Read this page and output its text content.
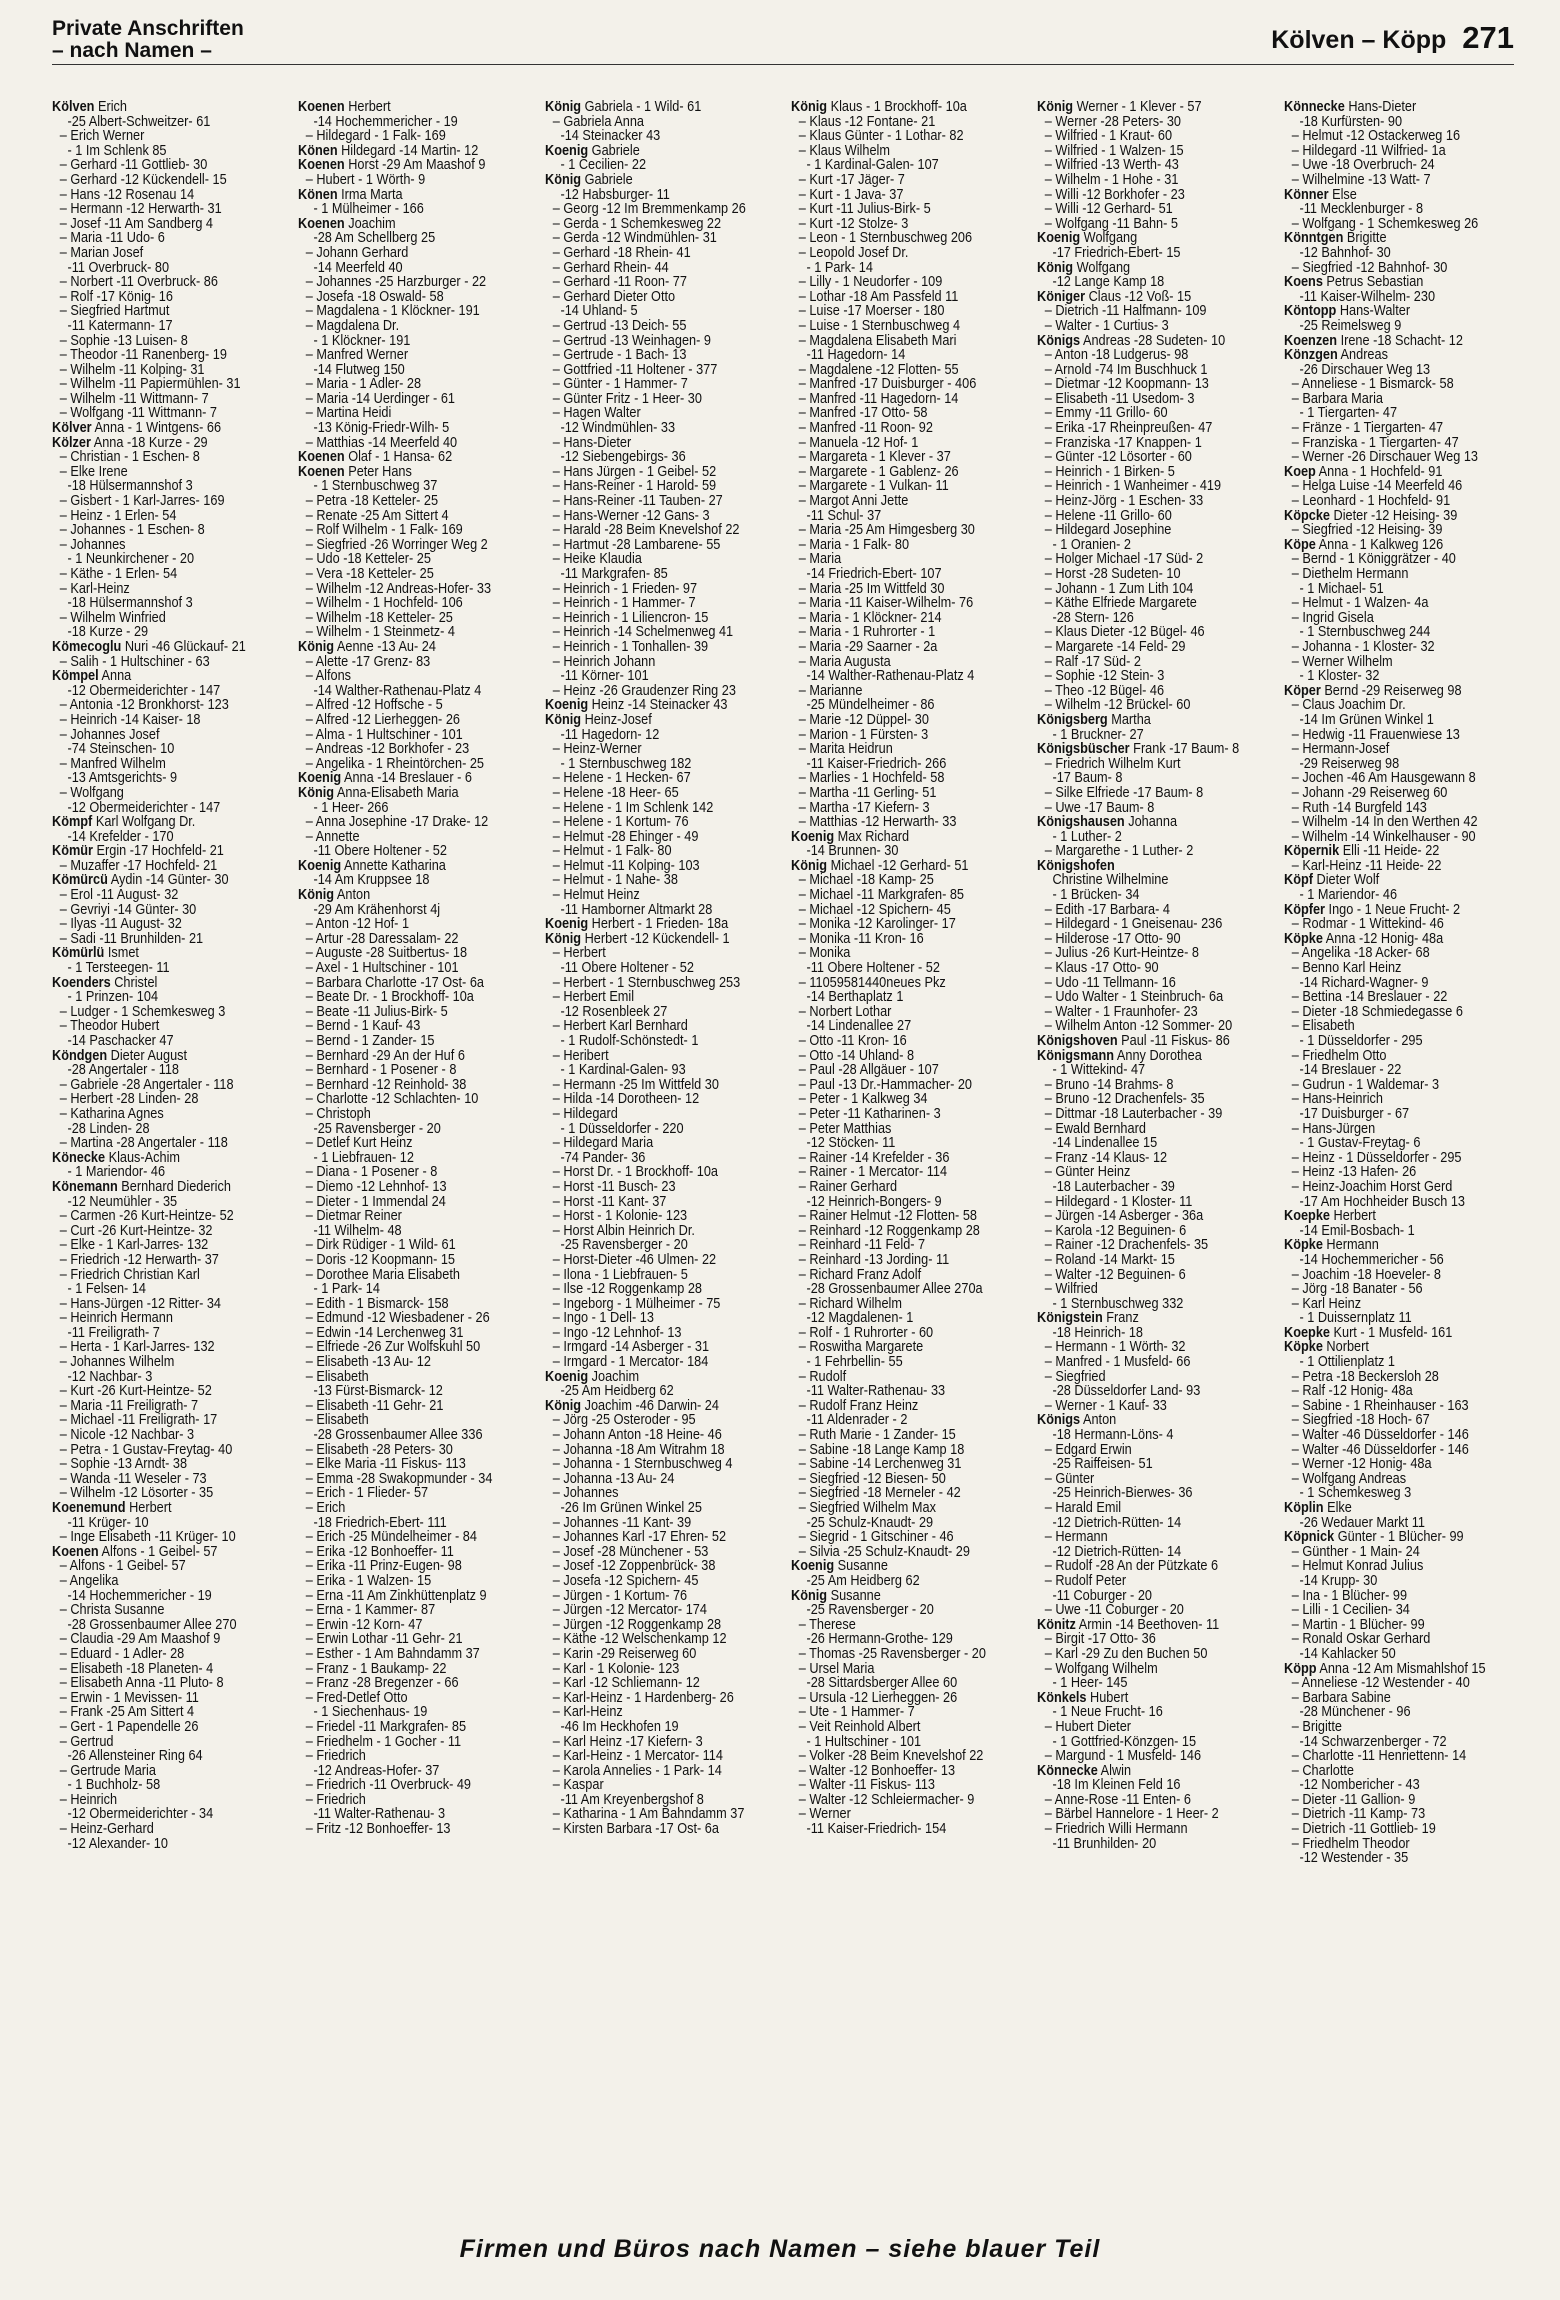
Private Anschriften
– nach Namen –	Kölven – Köpp 271
Kölven Erich
-25 Albert-Schweitzer- 61
– Erich Werner
- 1 Im Schlenk 85
– Gerhard -11 Gottlieb- 30
– Gerhard -12 Kückendell- 15
– Hans -12 Rosenau 14
– Hermann -12 Herwarth- 31
– Josef -11 Am Sandberg 4
– Maria -11 Udo- 6
– Marian Josef
-11 Overbruck- 80
– Norbert -11 Overbruck- 86
– Rolf -17 König- 16
– Siegfried Hartmut
-11 Katermann- 17
– Sophie -13 Luisen- 8
– Theodor -11 Ranenberg- 19
– Wilhelm -11 Kolping- 31
– Wilhelm -11 Papiermühlen- 31
– Wilhelm -11 Wittmann- 7
– Wolfgang -11 Wittmann- 7
Kölver Anna - 1 Wintgens- 66
Kölzer Anna -18 Kurze - 29
– Christian - 1 Eschen- 8
– Elke Irene
-18 Hülsermannshof 3
– Gisbert - 1 Karl-Jarres- 169
– Heinz - 1 Erlen- 54
– Johannes - 1 Eschen- 8
– Johannes
- 1 Neunkirchener - 20
– Käthe - 1 Erlen- 54
– Karl-Heinz
-18 Hülsermannshof 3
– Wilhelm Winfried
-18 Kurze - 29
Kömecoglu Nuri -46 Glückauf- 21
– Salih - 1 Hultschiner - 63
Kömpel Anna
-12 Obermeiderichter - 147
– Antonia -12 Bronkhorst- 123
– Heinrich -14 Kaiser- 18
– Johannes Josef
-74 Steinschen- 10
– Manfred Wilhelm
-13 Amtsgerichts- 9
– Wolfgang
-12 Obermeiderichter - 147
Kömpf Karl Wolfgang Dr.
-14 Krefelder - 170
Kömür Ergin -17 Hochfeld- 21
– Muzaffer -17 Hochfeld- 21
Kömürcü Aydin -14 Günter- 30
– Erol -11 August- 32
– Gevriyi -14 Günter- 30
– Ilyas -11 August- 32
– Sadi -11 Brunhilden- 21
Kömürlü Ismet
- 1 Tersteegen- 11
Koenders Christel
- 1 Prinzen- 104
– Ludger - 1 Schemkesweg 3
– Theodor Hubert
-14 Paschacker 47
Köndgen Dieter August
-28 Angertaler - 118
– Gabriele -28 Angertaler - 118
– Herbert -28 Linden- 28
– Katharina Agnes
-28 Linden- 28
– Martina -28 Angertaler - 118
Könecke Klaus-Achim
- 1 Mariendor- 46
Könemann Bernhard Diederich
-12 Neumühler - 35
– Carmen -26 Kurt-Heintze- 52
– Curt -26 Kurt-Heintze- 32
– Elke - 1 Karl-Jarres- 132
– Friedrich -12 Herwarth- 37
– Friedrich Christian Karl
- 1 Felsen- 14
– Hans-Jürgen -12 Ritter- 34
– Heinrich Hermann
-11 Freiligrath- 7
– Herta - 1 Karl-Jarres- 132
– Johannes Wilhelm
-12 Nachbar- 3
– Kurt -26 Kurt-Heintze- 52
– Maria -11 Freiligrath- 7
– Michael -11 Freiligrath- 17
– Nicole -12 Nachbar- 3
– Petra - 1 Gustav-Freytag- 40
– Sophie -13 Arndt- 38
– Wanda -11 Weseler - 73
– Wilhelm -12 Lösorter - 35
Koenemund Herbert
-11 Krüger- 10
– Inge Elisabeth -11 Krüger- 10
Koenen Alfons - 1 Geibel- 57
– Alfons - 1 Geibel- 57
– Angelika
-14 Hochemmericher - 19
– Christa Susanne
-28 Grossenbaumer Allee 270
– Claudia -29 Am Maashof 9
– Eduard - 1 Adler- 28
– Elisabeth -18 Planeten- 4
– Elisabeth Anna -11 Pluto- 8
– Erwin - 1 Mevissen- 11
– Frank -25 Am Sittert 4
– Gert - 1 Papendelle 26
– Gertrud
-26 Allensteiner Ring 64
– Gertrude Maria
- 1 Buchholz- 58
– Heinrich
-12 Obermeiderichter - 34
– Heinz-Gerhard
-12 Alexander- 10
Koenen Herbert
-14 Hochemmericher - 19
– Hildegard - 1 Falk- 169
Könen Hildegard -14 Martin- 12
Koenen Horst -29 Am Maashof 9
– Hubert - 1 Wörth- 9
Könen Irma Marta
- 1 Mülheimer - 166
Koenen Joachim
-28 Am Schellberg 25
– Johann Gerhard
-14 Meerfeld 40
– Johannes -25 Harzburger - 22
– Josefa -18 Oswald- 58
– Magdalena - 1 Klöckner- 191
– Magdalena Dr.
- 1 Klöckner- 191
– Manfred Werner
-14 Flutweg 150
– Maria - 1 Adler- 28
– Maria -14 Uerdinger - 61
– Martina Heidi
-13 König-Friedr-Wilh- 5
– Matthias -14 Meerfeld 40
Koenen Olaf - 1 Hansa- 62
Koenen Peter Hans
- 1 Sternbuschweg 37
– Petra -18 Ketteler- 25
– Renate -25 Am Sittert 4
– Rolf Wilhelm - 1 Falk- 169
– Siegfried -26 Worringer Weg 2
– Udo -18 Ketteler- 25
– Vera -18 Ketteler- 25
– Wilhelm -12 Andreas-Hofer- 33
– Wilhelm - 1 Hochfeld- 106
– Wilhelm -18 Ketteler- 25
– Wilhelm - 1 Steinmetz- 4
König Aenne -13 Au- 24
– Alette -17 Grenz- 83
– Alfons
-14 Walther-Rathenau-Platz 4
– Alfred -12 Hoffsche - 5
– Alfred -12 Lierheggen- 26
– Alma - 1 Hultschiner - 101
– Andreas -12 Borkhofer - 23
– Angelika - 1 Rheintörchen- 25
Koenig Anna -14 Breslauer - 6
König Anna-Elisabeth Maria
- 1 Heer- 266
– Anna Josephine -17 Drake- 12
– Annette
-11 Obere Holtener - 52
Koenig Annette Katharina
-14 Am Kruppsee 18
König Anton
-29 Am Krähenhorst 4j
– Anton -12 Hof- 1
– Artur -28 Daressalam- 22
– Auguste -28 Suitbertus- 18
– Axel - 1 Hultschiner - 101
– Barbara Charlotte -17 Ost- 6a
– Beate Dr. - 1 Brockhoff- 10a
– Beate -11 Julius-Birk- 5
– Bernd - 1 Kauf- 43
– Bernd - 1 Zander- 15
– Bernhard -29 An der Huf 6
– Bernhard - 1 Posener - 8
– Bernhard -12 Reinhold- 38
– Charlotte -12 Schlachten- 10
– Christoph
-25 Ravensberger - 20
– Detlef Kurt Heinz
- 1 Liebfrauen- 12
– Diana - 1 Posener - 8
– Diemo -12 Lehnhof- 13
– Dieter - 1 Immendal 24
– Dietmar Reiner
-11 Wilhelm- 48
– Dirk Rüdiger - 1 Wild- 61
– Doris -12 Koopmann- 15
– Dorothee Maria Elisabeth
- 1 Park- 14
– Edith - 1 Bismarck- 158
– Edmund -12 Wiesbadener - 26
– Edwin -14 Lerchenweg 31
– Elfriede -26 Zur Wolfskuhl 50
– Elisabeth -13 Au- 12
– Elisabeth
-13 Fürst-Bismarck- 12
– Elisabeth -11 Gehr- 21
– Elisabeth
-28 Grossenbaumer Allee 336
– Elisabeth -28 Peters- 30
– Elke Maria -11 Fiskus- 113
– Emma -28 Swakopmunder - 34
– Erich - 1 Flieder- 57
– Erich
-18 Friedrich-Ebert- 111
– Erich -25 Mündelheimer - 84
– Erika -12 Bonhoeffer- 11
– Erika -11 Prinz-Eugen- 98
– Erika - 1 Walzen- 15
– Erna -11 Am Zinkhüttenplatz 9
– Erna - 1 Kammer- 87
– Erwin -12 Korn- 47
– Erwin Lothar -11 Gehr- 21
– Esther - 1 Am Bahndamm 37
– Franz - 1 Baukamp- 22
– Franz -28 Bregenzer - 66
– Fred-Detlef Otto
- 1 Siechenhaus- 19
– Friedel -11 Markgrafen- 85
– Friedhelm - 1 Gocher - 11
– Friedrich
-12 Andreas-Hofer- 37
– Friedrich -11 Overbruck- 49
– Friedrich
-11 Walter-Rathenau- 3
– Fritz -12 Bonhoeffer- 13
König Gabriela - 1 Wild- 61
– Gabriela Anna
-14 Steinacker 43
Koenig Gabriele
- 1 Cecilien- 22
König Gabriele
-12 Habsburger- 11
– Georg -12 Im Bremmenkamp 26
– Gerda - 1 Schemkesweg 22
– Gerda -12 Windmühlen- 31
– Gerhard -18 Rhein- 41
– Gerhard Rhein- 44
– Gerhard -11 Roon- 77
– Gerhard Dieter Otto
-14 Uhland- 5
– Gertrud -13 Deich- 55
– Gertrud -13 Weinhagen- 9
– Gertrude - 1 Bach- 13
– Gottfried -11 Holtener - 377
– Günter - 1 Hammer- 7
– Günter Fritz - 1 Heer- 30
– Hagen Walter
-12 Windmühlen- 33
– Hans-Dieter
-12 Siebengebirgs- 36
– Hans Jürgen - 1 Geibel- 52
– Hans-Reiner - 1 Harold- 59
– Hans-Reiner -11 Tauben- 27
– Hans-Werner -12 Gans- 3
– Harald -28 Beim Knevelshof 22
– Hartmut -28 Lambarene- 55
– Heike Klaudia
-11 Markgrafen- 85
– Heinrich - 1 Frieden- 97
– Heinrich - 1 Hammer- 7
– Heinrich - 1 Liliencron- 15
– Heinrich -14 Schelmenweg 41
– Heinrich - 1 Tonhallen- 39
– Heinrich Johann
-11 Körner- 101
– Heinz -26 Graudenzer Ring 23
Koenig Heinz -14 Steinacker 43
König Heinz-Josef
-11 Hagedorn- 12
– Heinz-Werner
- 1 Sternbuschweg 182
– Helene - 1 Hecken- 67
– Helene -18 Heer- 65
– Helene - 1 Im Schlenk 142
– Helene - 1 Kortum- 76
– Helmut -28 Ehinger - 49
– Helmut - 1 Falk- 80
– Helmut -11 Kolping- 103
– Helmut - 1 Nahe- 38
– Helmut Heinz
-11 Hamborner Altmarkt 28
Koenig Herbert - 1 Frieden- 18a
König Herbert -12 Kückendell- 1
– Herbert
-11 Obere Holtener - 52
– Herbert - 1 Sternbuschweg 253
– Herbert Emil
-12 Rosenbleek 27
– Herbert Karl Bernhard
- 1 Rudolf-Schönstedt- 1
– Heribert
- 1 Kardinal-Galen- 93
– Hermann -25 Im Wittfeld 30
– Hilda -14 Dorotheen- 12
– Hildegard
- 1 Düsseldorfer - 220
– Hildegard Maria
-74 Pander- 36
– Horst Dr. - 1 Brockhoff- 10a
– Horst -11 Busch- 23
– Horst -11 Kant- 37
– Horst - 1 Kolonie- 123
– Horst Albin Heinrich Dr.
-25 Ravensberger - 20
– Horst-Dieter -46 Ulmen- 22
– Ilona - 1 Liebfrauen- 5
– Ilse -12 Roggenkamp 28
– Ingeborg - 1 Mülheimer - 75
– Ingo - 1 Dell- 13
– Ingo -12 Lehnhof- 13
– Irmgard -14 Asberger - 31
– Irmgard - 1 Mercator- 184
Koenig Joachim
-25 Am Heidberg 62
König Joachim -46 Darwin- 24
– Jörg -25 Osteroder - 95
– Johann Anton -18 Heine- 46
– Johanna -18 Am Witrahm 18
– Johanna - 1 Sternbuschweg 4
– Johanna -13 Au- 24
– Johannes
-26 Im Grünen Winkel 25
– Johannes -11 Kant- 39
– Johannes Karl -17 Ehren- 52
– Josef -28 Münchener - 53
– Josef -12 Zoppenbrück- 38
– Josefa -12 Spichern- 45
– Jürgen - 1 Kortum- 76
– Jürgen -12 Mercator- 174
– Jürgen -12 Roggenkamp 28
– Käthe -12 Welschenkamp 12
– Karin -29 Reiserweg 60
– Karl - 1 Kolonie- 123
– Karl -12 Schliemann- 12
– Karl-Heinz - 1 Hardenberg- 26
– Karl-Heinz
-46 Im Heckhofen 19
– Karl Heinz -17 Kiefern- 3
– Karl-Heinz - 1 Mercator- 114
– Karola Annelies - 1 Park- 14
– Kaspar
-11 Am Kreyenbergshof 8
– Katharina - 1 Am Bahndamm 37
– Kirsten Barbara -17 Ost- 6a
König Klaus - 1 Brockhoff- 10a
– Klaus -12 Fontane- 21
– Klaus Günter - 1 Lothar- 82
– Klaus Wilhelm
- 1 Kardinal-Galen- 107
– Kurt -17 Jäger- 7
– Kurt - 1 Java- 37
– Kurt -11 Julius-Birk- 5
– Kurt -12 Stolze- 3
– Leon - 1 Sternbuschweg 206
– Leopold Josef Dr.
- 1 Park- 14
– Lilly - 1 Neudorfer - 109
– Lothar -18 Am Passfeld 11
– Luise -17 Moerser - 180
– Luise - 1 Sternbuschweg 4
– Magdalena Elisabeth Mari
-11 Hagedorn- 14
– Magdalene -12 Flotten- 55
– Manfred -17 Duisburger - 406
– Manfred -11 Hagedorn- 14
– Manfred -17 Otto- 58
– Manfred -11 Roon- 92
– Manuela -12 Hof- 1
– Margareta - 1 Klever - 37
– Margarete - 1 Gablenz- 26
– Margarete - 1 Vulkan- 11
– Margot Anni Jette
-11 Schul- 37
– Maria -25 Am Himgesberg 30
– Maria - 1 Falk- 80
– Maria
-14 Friedrich-Ebert- 107
– Maria -25 Im Wittfeld 30
– Maria -11 Kaiser-Wilhelm- 76
– Maria - 1 Klöckner- 214
– Maria - 1 Ruhrorter - 1
– Maria -29 Saarner - 2a
– Maria Augusta
-14 Walther-Rathenau-Platz 4
– Marianne
-25 Mündelheimer - 86
– Marie -12 Düppel- 30
– Marion - 1 Fürsten- 3
– Marita Heidrun
-11 Kaiser-Friedrich- 266
– Marlies - 1 Hochfeld- 58
– Martha -11 Gerling- 51
– Martha -17 Kiefern- 3
– Matthias -12 Herwarth- 33
Koenig Max Richard
-14 Brunnen- 30
König Michael -12 Gerhard- 51
– Michael -18 Kamp- 25
– Michael -11 Markgrafen- 85
– Michael -12 Spichern- 45
– Monika -12 Karolinger- 17
– Monika -11 Kron- 16
– Monika
-11 Obere Holtener - 52
– 11059581440neues Pkz
-14 Berthaplatz 1
– Norbert Lothar
-14 Lindenallee 27
– Otto -11 Kron- 16
– Otto -14 Uhland- 8
– Paul -28 Allgäuer - 107
– Paul -13 Dr.-Hammacher- 20
– Peter - 1 Kalkweg 34
– Peter -11 Katharinen- 3
– Peter Matthias
-12 Stöcken- 11
– Rainer -14 Krefelder - 36
– Rainer - 1 Mercator- 114
– Rainer Gerhard
-12 Heinrich-Bongers- 9
– Rainer Helmut -12 Flotten- 58
– Reinhard -12 Roggenkamp 28
– Reinhard -11 Feld- 7
– Reinhard -13 Jording- 11
– Richard Franz Adolf
-28 Grossenbaumer Allee 270a
– Richard Wilhelm
-12 Magdalenen- 1
– Rolf - 1 Ruhrorter - 60
– Roswitha Margarete
- 1 Fehrbellin- 55
– Rudolf
-11 Walter-Rathenau- 33
– Rudolf Franz Heinz
-11 Aldenrader - 2
– Ruth Marie - 1 Zander- 15
– Sabine -18 Lange Kamp 18
– Sabine -14 Lerchenweg 31
– Siegfried -12 Biesen- 50
– Siegfried -18 Merneler - 42
– Siegfried Wilhelm Max
-25 Schulz-Knaudt- 29
– Siegrid - 1 Gitschiner - 46
– Silvia -25 Schulz-Knaudt- 29
Koenig Susanne
-25 Am Heidberg 62
König Susanne
-25 Ravensberger - 20
– Therese
-26 Hermann-Grothe- 129
– Thomas -25 Ravensberger - 20
– Ursel Maria
-28 Sittardsberger Allee 60
– Ursula -12 Lierheggen- 26
– Ute - 1 Hammer- 7
– Veit Reinhold Albert
- 1 Hultschiner - 101
– Volker -28 Beim Knevelshof 22
– Walter -12 Bonhoeffer- 13
– Walter -11 Fiskus- 113
– Walter -12 Schleiermacher- 9
– Werner
-11 Kaiser-Friedrich- 154
König Werner - 1 Klever - 57
– Werner -28 Peters- 30
– Wilfried - 1 Kraut- 60
– Wilfried - 1 Walzen- 15
– Wilfried -13 Werth- 43
– Wilhelm - 1 Hohe - 31
– Willi -12 Borkhofer - 23
– Willi -12 Gerhard- 51
– Wolfgang -11 Bahn- 5
Koenig Wolfgang
-17 Friedrich-Ebert- 15
König Wolfgang
-12 Lange Kamp 18
Königer Claus -12 Voß- 15
– Dietrich -11 Halfmann- 109
– Walter - 1 Curtius- 3
Königs Andreas -28 Sudeten- 10
– Anton -18 Ludgerus- 98
– Arnold -74 Im Buschhuck 1
– Dietmar -12 Koopmann- 13
– Elisabeth -11 Usedom- 3
– Emmy -11 Grillo- 60
– Erika -17 Rheinpreußen- 47
– Franziska -17 Knappen- 1
– Günter -12 Lösorter - 60
– Heinrich - 1 Birken- 5
– Heinrich - 1 Wanheimer - 419
– Heinz-Jörg - 1 Eschen- 33
– Helene -11 Grillo- 60
– Hildegard Josephine
- 1 Oranien- 2
– Holger Michael -17 Süd- 2
– Horst -28 Sudeten- 10
– Johann - 1 Zum Lith 104
– Käthe Elfriede Margarete
-28 Stern- 126
– Klaus Dieter -12 Bügel- 46
– Margarete -14 Feld- 29
– Ralf -17 Süd- 2
– Sophie -12 Stein- 3
– Theo -12 Bügel- 46
– Wilhelm -12 Brückel- 60
Königsberg Martha
- 1 Bruckner- 27
Königsbüscher Frank -17 Baum- 8
– Friedrich Wilhelm Kurt
-17 Baum- 8
– Silke Elfriede -17 Baum- 8
– Uwe -17 Baum- 8
Königshausen Johanna
- 1 Luther- 2
– Margarethe - 1 Luther- 2
Königshofen
Christine Wilhelmine
- 1 Brücken- 34
– Edith -17 Barbara- 4
– Hildegard - 1 Gneisenau- 236
– Hilderose -17 Otto- 90
– Julius -26 Kurt-Heintze- 8
– Klaus -17 Otto- 90
– Udo -11 Tellmann- 16
– Udo Walter - 1 Steinbruch- 6a
– Walter - 1 Fraunhofer- 23
– Wilhelm Anton -12 Sommer- 20
Königshoven Paul -11 Fiskus- 86
Königsmann Anny Dorothea
- 1 Wittekind- 47
– Bruno -14 Brahms- 8
– Bruno -12 Drachenfels- 35
– Dittmar -18 Lauterbacher - 39
– Ewald Bernhard
-14 Lindenallee 15
– Franz -14 Klaus- 12
– Günter Heinz
-18 Lauterbacher - 39
– Hildegard - 1 Kloster- 11
– Jürgen -14 Asberger - 36a
– Karola -12 Beguinen- 6
– Rainer -12 Drachenfels- 35
– Roland -14 Markt- 15
– Walter -12 Beguinen- 6
– Wilfried
- 1 Sternbuschweg 332
Königstein Franz
-18 Heinrich- 18
– Hermann - 1 Wörth- 32
– Manfred - 1 Musfeld- 66
– Siegfried
-28 Düsseldorfer Land- 93
– Werner - 1 Kauf- 33
Königs Anton
-18 Hermann-Löns- 4
– Edgard Erwin
-25 Raiffeisen- 51
– Günter
-25 Heinrich-Bierwes- 36
– Harald Emil
-12 Dietrich-Rütten- 14
– Hermann
-12 Dietrich-Rütten- 14
– Rudolf -28 An der Pützkate 6
– Rudolf Peter
-11 Coburger - 20
– Uwe -11 Coburger - 20
Könitz Armin -14 Beethoven- 11
– Birgit -17 Otto- 36
– Karl -29 Zu den Buchen 50
– Wolfgang Wilhelm
- 1 Heer- 145
Könkels Hubert
- 1 Neue Frucht- 16
– Hubert Dieter
- 1 Gottfried-Könzgen- 15
– Margund - 1 Musfeld- 146
Könnecke Alwin
-18 Im Kleinen Feld 16
– Anne-Rose -11 Enten- 6
– Bärbel Hannelore - 1 Heer- 2
– Friedrich Willi Hermann
-11 Brunhilden- 20
Könnecke Hans-Dieter
-18 Kurfürsten- 90
– Helmut -12 Ostackerweg 16
– Hildegard -11 Wilfried- 1a
– Uwe -18 Overbruch- 24
– Wilhelmine -13 Watt- 7
Könner Else
-11 Mecklenburger - 8
– Wolfgang - 1 Schemkesweg 26
Könntgen Brigitte
-12 Bahnhof- 30
– Siegfried -12 Bahnhof- 30
Koens Petrus Sebastian
-11 Kaiser-Wilhelm- 230
Köntopp Hans-Walter
-25 Reimelsweg 9
Koenzen Irene -18 Schacht- 12
Könzgen Andreas
-26 Dirschauer Weg 13
– Anneliese - 1 Bismarck- 58
– Barbara Maria
- 1 Tiergarten- 47
– Fränze - 1 Tiergarten- 47
– Franziska - 1 Tiergarten- 47
– Werner -26 Dirschauer Weg 13
Koep Anna - 1 Hochfeld- 91
– Helga Luise -14 Meerfeld 46
– Leonhard - 1 Hochfeld- 91
Köpcke Dieter -12 Heising- 39
– Siegfried -12 Heising- 39
Köpe Anna - 1 Kalkweg 126
– Bernd - 1 Königgrätzer - 40
– Diethelm Hermann
- 1 Michael- 51
– Helmut - 1 Walzen- 4a
– Ingrid Gisela
- 1 Sternbuschweg 244
– Johanna - 1 Kloster- 32
– Werner Wilhelm
- 1 Kloster- 32
Köper Bernd -29 Reiserweg 98
– Claus Joachim Dr.
-14 Im Grünen Winkel 1
– Hedwig -11 Frauenwiese 13
– Hermann-Josef
-29 Reiserweg 98
– Jochen -46 Am Hausgewann 8
– Johann -29 Reiserweg 60
– Ruth -14 Burgfeld 143
– Wilhelm -14 In den Werthen 42
– Wilhelm -14 Winkelhauser - 90
Köpernik Elli -11 Heide- 22
– Karl-Heinz -11 Heide- 22
Köpf Dieter Wolf
- 1 Mariendor- 46
Köpfer Ingo - 1 Neue Frucht- 2
– Rodmar - 1 Wittekind- 46
Köpke Anna -12 Honig- 48a
– Angelika -18 Acker- 68
– Benno Karl Heinz
-14 Richard-Wagner- 9
– Bettina -14 Breslauer - 22
– Dieter -18 Schmiedegasse 6
– Elisabeth
- 1 Düsseldorfer - 295
– Friedhelm Otto
-14 Breslauer - 22
– Gudrun - 1 Waldemar- 3
– Hans-Heinrich
-17 Duisburger - 67
– Hans-Jürgen
- 1 Gustav-Freytag- 6
– Heinz - 1 Düsseldorfer - 295
– Heinz -13 Hafen- 26
– Heinz-Joachim Horst Gerd
-17 Am Hochheider Busch 13
Koepke Herbert
-14 Emil-Bosbach- 1
Köpke Hermann
-14 Hochemmericher - 56
– Joachim -18 Hoeveler- 8
– Jörg -18 Banater - 56
– Karl Heinz
- 1 Duissernplatz 11
Koepke Kurt - 1 Musfeld- 161
Köpke Norbert
- 1 Ottilienplatz 1
– Petra -18 Beckersloh 28
– Ralf -12 Honig- 48a
– Sabine - 1 Rheinhauser - 163
– Siegfried -18 Hoch- 67
– Walter -46 Düsseldorfer - 146
– Walter -46 Düsseldorfer - 146
– Werner -12 Honig- 48a
– Wolfgang Andreas
- 1 Schemkesweg 3
Köplin Elke
-26 Wedauer Markt 11
Köpnick Günter - 1 Blücher- 99
– Günther - 1 Main- 24
– Helmut Konrad Julius
-14 Krupp- 30
– Ina - 1 Blücher- 99
– Lilli - 1 Cecilien- 34
– Martin - 1 Blücher- 99
– Ronald Oskar Gerhard
-14 Kahlacker 50
Köpp Anna -12 Am Mismahlshof 15
– Anneliese -12 Westender - 40
– Barbara Sabine
-28 Münchener - 96
– Brigitte
-14 Schwarzenberger - 72
– Charlotte -11 Henriettenn- 14
– Charlotte
-12 Nombericher - 43
– Dieter -11 Gallion- 9
– Dietrich -11 Kamp- 73
– Dietrich -11 Gottlieb- 19
– Friedhelm Theodor
-12 Westender - 35
Firmen und Büros nach Namen – siehe blauer Teil
